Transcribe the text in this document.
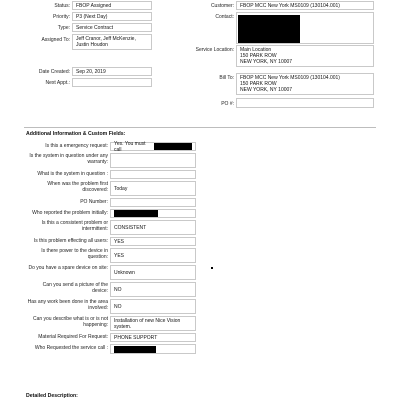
Status:	FBOP Assigned
Priority:	P3 (Next Day)
Type:	Service Contract
Assigned To:	Jeff Cranor, Jeff McKenzie, Justin Houdon
Date Created:	Sep 20, 2019
Next Appt.:
Customer:	FBOP MCC New York MS0109 (130104.001)
Contact:
Service Location: Main Location
150 PARK ROW
NEW YORK, NY 10007
Bill To: FBOP MCC New York MS0109 (130104.001)
150 PARK ROW
NEW YORK, NY 10007
PO #:
Additional Information & Custom Fields:
Is this a emergency request: Yes. You must call
Is the system in question under any warranty:
What is the system in question :
When was the problem first discovered: Today
PO Number:
Who reported the problem initially:
Is this a consistent problem or intermittent: CONSISTENT
Is this problem effecting all users: YES
Is there power to the device in question: YES
Do you have a spare device on site:
Unknown
Can you send a picture of the device: NO
Has any work been done in the area involved: NO
Can you describe what is or is not happening:
Installation of new Nice Vision system.
Material Required For Request: PHONE SUPPORT
Who Requested the service call :
Detailed Description:
